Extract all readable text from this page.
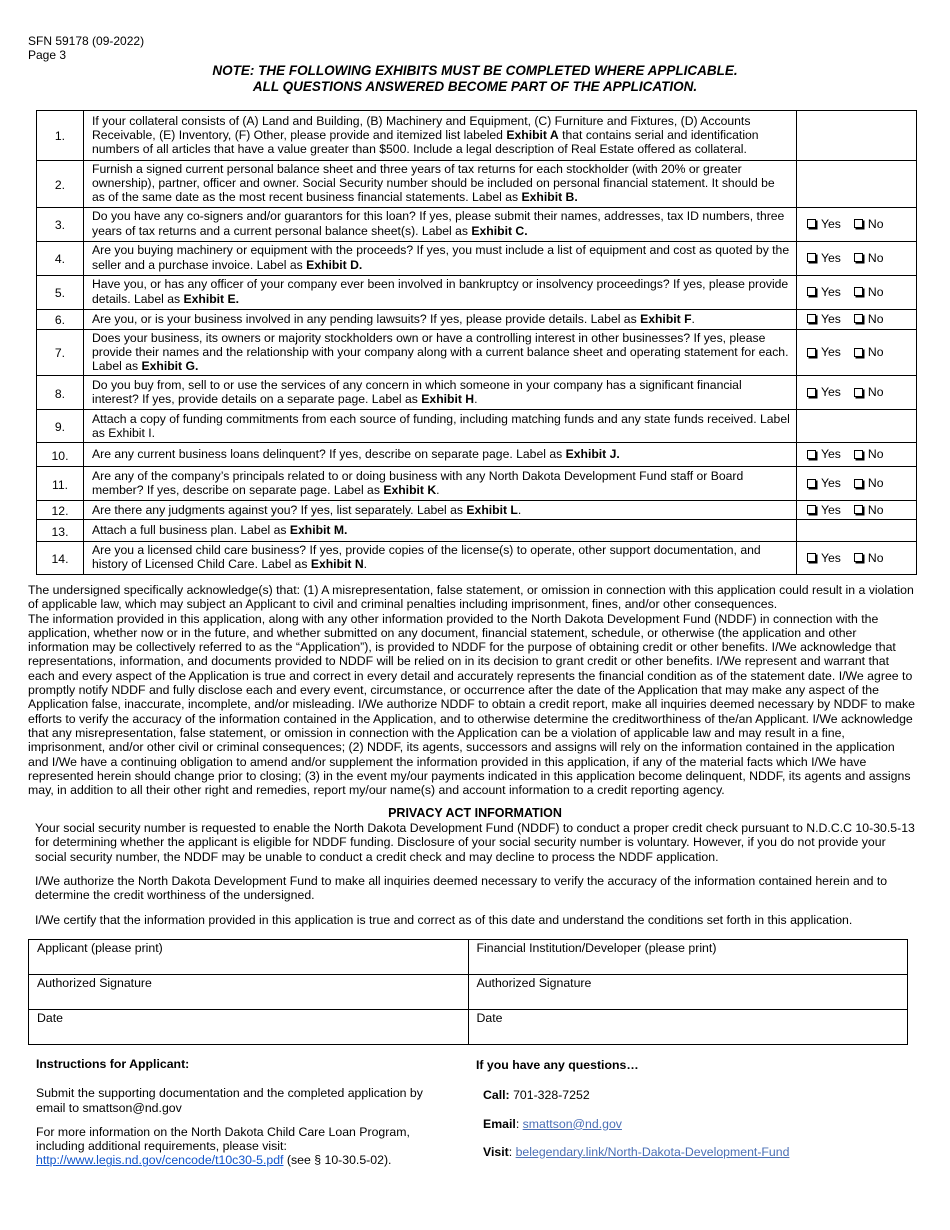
SFN 59178 (09-2022)
Page 3
NOTE: THE FOLLOWING EXHIBITS MUST BE COMPLETED WHERE APPLICABLE.
ALL QUESTIONS ANSWERED BECOME PART OF THE APPLICATION.
1.	If your collateral consists of (A) Land and Building, (B) Machinery and Equipment, (C) Furniture and Fixtures, (D) Accounts Receivable, (E) Inventory, (F) Other, please provide and itemized list labeled Exhibit A that contains serial and identification numbers of all articles that have a value greater than $500. Include a legal description of Real Estate offered as collateral.	
2.	Furnish a signed current personal balance sheet and three years of tax returns for each stockholder (with 20% or greater ownership), partner, officer and owner. Social Security number should be included on personal financial statement. It should be as of the same date as the most recent business financial statements. Label as Exhibit B.	
3.	Do you have any co-signers and/or guarantors for this loan? If yes, please submit their names, addresses, tax ID numbers, three years of tax returns and a current personal balance sheet(s). Label as Exhibit C.	Yes No

4.	Are you buying machinery or equipment with the proceeds? If yes, you must include a list of equipment and cost as quoted by the seller and a purchase invoice. Label as Exhibit D.	Yes No

5.	Have you, or has any officer of your company ever been involved in bankruptcy or insolvency proceedings? If yes, please provide details. Label as Exhibit E.	Yes No

6.	Are you, or is your business involved in any pending lawsuits? If yes, please provide details. Label as Exhibit F.	Yes No

7.	Does your business, its owners or majority stockholders own or have a controlling interest in other businesses? If yes, please provide their names and the relationship with your company along with a current balance sheet and operating statement for each. Label as Exhibit G.	Yes No

8.	Do you buy from, sell to or use the services of any concern in which someone in your company has a significant financial interest? If yes, provide details on a separate page. Label as Exhibit H.	Yes No

9.	Attach a copy of funding commitments from each source of funding, including matching funds and any state funds received. Label as Exhibit I.	
10.	Are any current business loans delinquent? If yes, describe on separate page. Label as Exhibit J.	Yes No

11.	Are any of the company’s principals related to or doing business with any North Dakota Development Fund staff or Board member? If yes, describe on separate page. Label as Exhibit K.	Yes No

12.	Are there any judgments against you? If yes, list separately. Label as Exhibit L.	Yes No

13.	Attach a full business plan. Label as Exhibit M.	
14.	Are you a licensed child care business? If yes, provide copies of the license(s) to operate, other support documentation, and history of Licensed Child Care. Label as Exhibit N.	Yes No
The undersigned specifically acknowledge(s) that: (1) A misrepresentation, false statement, or omission in connection with this application could result in a violation of applicable law, which may subject an Applicant to civil and criminal penalties including imprisonment, fines, and/or other consequences.
The information provided in this application, along with any other information provided to the North Dakota Development Fund (NDDF) in connection with the application, whether now or in the future, and whether submitted on any document, financial statement, schedule, or otherwise (the application and other information may be collectively referred to as the “Application”), is provided to NDDF for the purpose of obtaining credit or other benefits. I/We acknowledge that representations, information, and documents provided to NDDF will be relied on in its decision to grant credit or other benefits. I/We represent and warrant that each and every aspect of the Application is true and correct in every detail and accurately represents the financial condition as of the statement date. I/We agree to promptly notify NDDF and fully disclose each and every event, circumstance, or occurrence after the date of the Application that may make any aspect of the Application false, inaccurate, incomplete, and/or misleading. I/We authorize NDDF to obtain a credit report, make all inquiries deemed necessary by NDDF to make efforts to verify the accuracy of the information contained in the Application, and to otherwise determine the creditworthiness of the/an Applicant. I/We acknowledge that any misrepresentation, false statement, or omission in connection with the Application can be a violation of applicable law and may result in a fine, imprisonment, and/or other civil or criminal consequences; (2) NDDF, its agents, successors and assigns will rely on the information contained in the application and I/We have a continuing obligation to amend and/or supplement the information provided in this application, if any of the material facts which I/We have represented herein should change prior to closing; (3) in the event my/our payments indicated in this application become delinquent, NDDF, its agents and assigns may, in addition to all their other right and remedies, report my/our name(s) and account information to a credit reporting agency.
PRIVACY ACT INFORMATION
Your social security number is requested to enable the North Dakota Development Fund (NDDF) to conduct a proper credit check pursuant to N.D.C.C 10-30.5-13 for determining whether the applicant is eligible for NDDF funding. Disclosure of your social security number is voluntary. However, if you do not provide your social security number, the NDDF may be unable to conduct a credit check and may decline to process the NDDF application.
I/We authorize the North Dakota Development Fund to make all inquiries deemed necessary to verify the accuracy of the information contained herein and to determine the credit worthiness of the undersigned.
I/We certify that the information provided in this application is true and correct as of this date and understand the conditions set forth in this application.
Applicant (please print)	Financial Institution/Developer (please print)
Authorized Signature	Authorized Signature
Date	Date
Instructions for Applicant:
Submit the supporting documentation and the completed application by email to smattson@nd.gov
For more information on the North Dakota Child Care Loan Program, including additional requirements, please visit:
http://www.legis.nd.gov/cencode/t10c30-5.pdf (see § 10-30.5-02).
If you have any questions…
Call: 701-328-7252
Email: smattson@nd.gov
Visit: belegendary.link/North-Dakota-Development-Fund
